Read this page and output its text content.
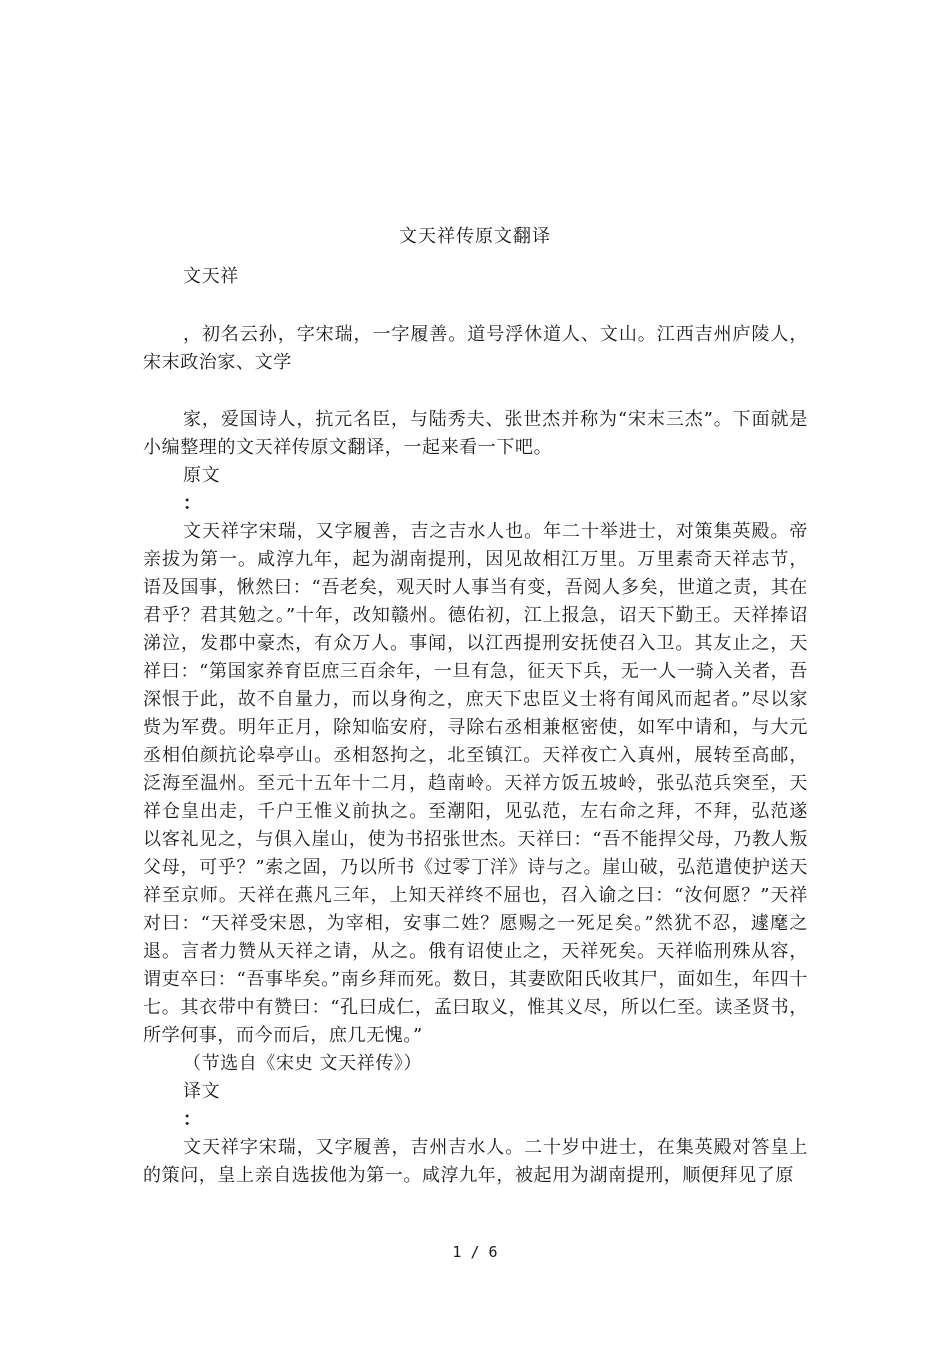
文天祥传原文翻译

文天祥

，初名云孙，字宋瑞，一字履善。道号浮休道人、文山。江西吉州庐陵人，宋末政治家、文学

家，爱国诗人，抗元名臣，与陆秀夫、张世杰并称为“宋末三杰”。下面就是小编整理的文天祥传原文翻译，一起来看一下吧。

原文

：

文天祥字宋瑞，又字履善，吉之吉水人也。年二十举进士，对策集英殿。帝亲拔为第一。咸淳九年，起为湖南提刑，因见故相江万里。万里素奇天祥志节，语及国事，愀然曰：“吾老矣，观天时人事当有变，吾阅人多矣，世道之责，其在君乎？君其勉之。”十年，改知赣州。德佑初，江上报急，诏天下勤王。天祥捧诏涕泣，发郡中豪杰，有众万人。事闻，以江西提刑安抚使召入卫。其友止之，天祥曰：“第国家养育臣庶三百余年，一旦有急，征天下兵，无一人一骑入关者，吾深恨于此，故不自量力，而以身徇之，庶天下忠臣义士将有闻风而起者。”尽以家赀为军费。明年正月，除知临安府，寻除右丞相兼枢密使，如军中请和，与大元丞相伯颜抗论皋亭山。丞相怒拘之，北至镇江。天祥夜亡入真州，展转至高邮，泛海至温州。至元十五年十二月，趋南岭。天祥方饭五坡岭，张弘范兵突至，天祥仓皇出走，千户王惟义前执之。至潮阳，见弘范，左右命之拜，不拜，弘范遂以客礼见之，与俱入崖山，使为书招张世杰。天祥曰：“吾不能捍父母，乃教人叛父母，可乎？”索之固，乃以所书《过零丁洋》诗与之。崖山破，弘范遣使护送天祥至京师。天祥在燕凡三年，上知天祥终不屈也，召入谕之曰：“汝何愿？”天祥对曰：“天祥受宋恩，为宰相，安事二姓？愿赐之一死足矣。”然犹不忍，遽麾之退。言者力赞从天祥之请，从之。俄有诏使止之，天祥死矣。天祥临刑殊从容，谓吏卒曰：“吾事毕矣。”南乡拜而死。数日，其妻欧阳氏收其尸，面如生，年四十七。其衣带中有赞曰：“孔曰成仁，孟曰取义，惟其义尽，所以仁至。读圣贤书，所学何事，而今而后，庶几无愧。”

（节选自《宋史 文天祥传》）

译文

：

文天祥字宋瑞，又字履善，吉州吉水人。二十岁中进士，在集英殿对答皇上的策问，皇上亲自选拔他为第一。咸淳九年，被起用为湖南提刑，顺便拜见了原

1 / 6
